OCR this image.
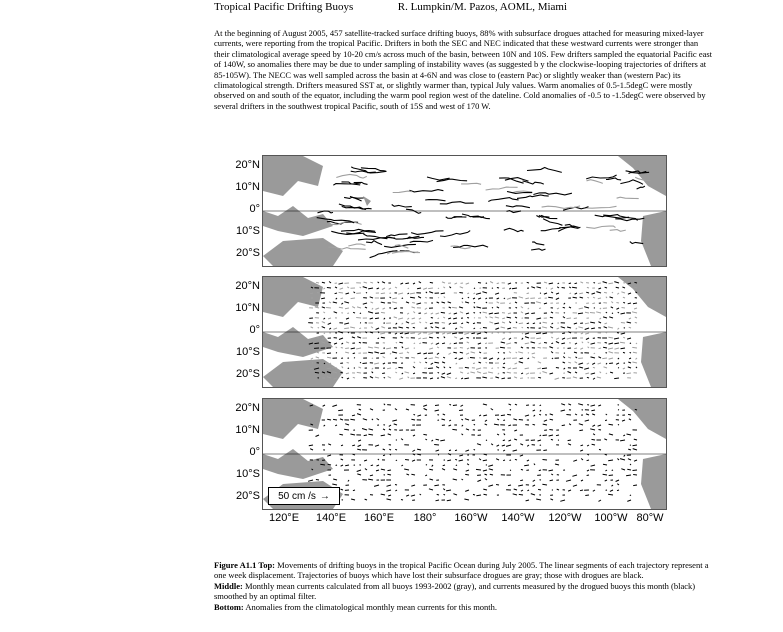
Tropical Pacific Drifting Buoys	R. Lumpkin/M. Pazos, AOML, Miami
At the beginning of August 2005, 457 satellite-tracked surface drifting buoys, 88% with subsurface drogues attached for measuring mixed-layer currents, were reporting from the tropical Pacific. Drifters in both the SEC and NEC indicated that these westward currents were stronger than their climatological average speed by 10-20 cm/s across much of the basin, between 10N and 10S. Few drifters sampled the equatorial Pacific east of 140W, so anomalies there may be due to under sampling of instability waves (as suggested b y the clockwise-looping trajectories of drifters at 85-105W). The NECC was well sampled across the basin at 4-6N and was close to (eastern Pac) or slightly weaker than (western Pac) its climatological strength. Drifters measured SST at, or slightly warmer than, typical July values. Warm anomalies of 0.5-1.5degC were mostly observed on and south of the equator, including the warm pool region west of the dateline. Cold anomalies of -0.5 to -1.5degC were observed by several drifters in the southwest tropical Pacific, south of 15S and west of 170 W.
20°N
10°N
0°
10°S
20°S
20°N
10°N
0°
10°S
20°S
20°N
10°N
0°
10°S
20°S 50 cm /s →
120°E 140°E 160°E 180° 160°W 140°W 120°W 100°W 80°W

Figure A1.1 Top: Movements of drifting buoys in the tropical Pacific Ocean during July 2005. The linear segments of each trajectory represent a one week displacement. Trajectories of buoys which have lost their subsurface drogues are gray; those with drogues are black.

Middle: Monthly mean currents calculated from all buoys 1993-2002 (gray), and currents measured by the drogued buoys this month (black) smoothed by an optimal filter.

Bottom: Anomalies from the climatological monthly mean currents for this month.
